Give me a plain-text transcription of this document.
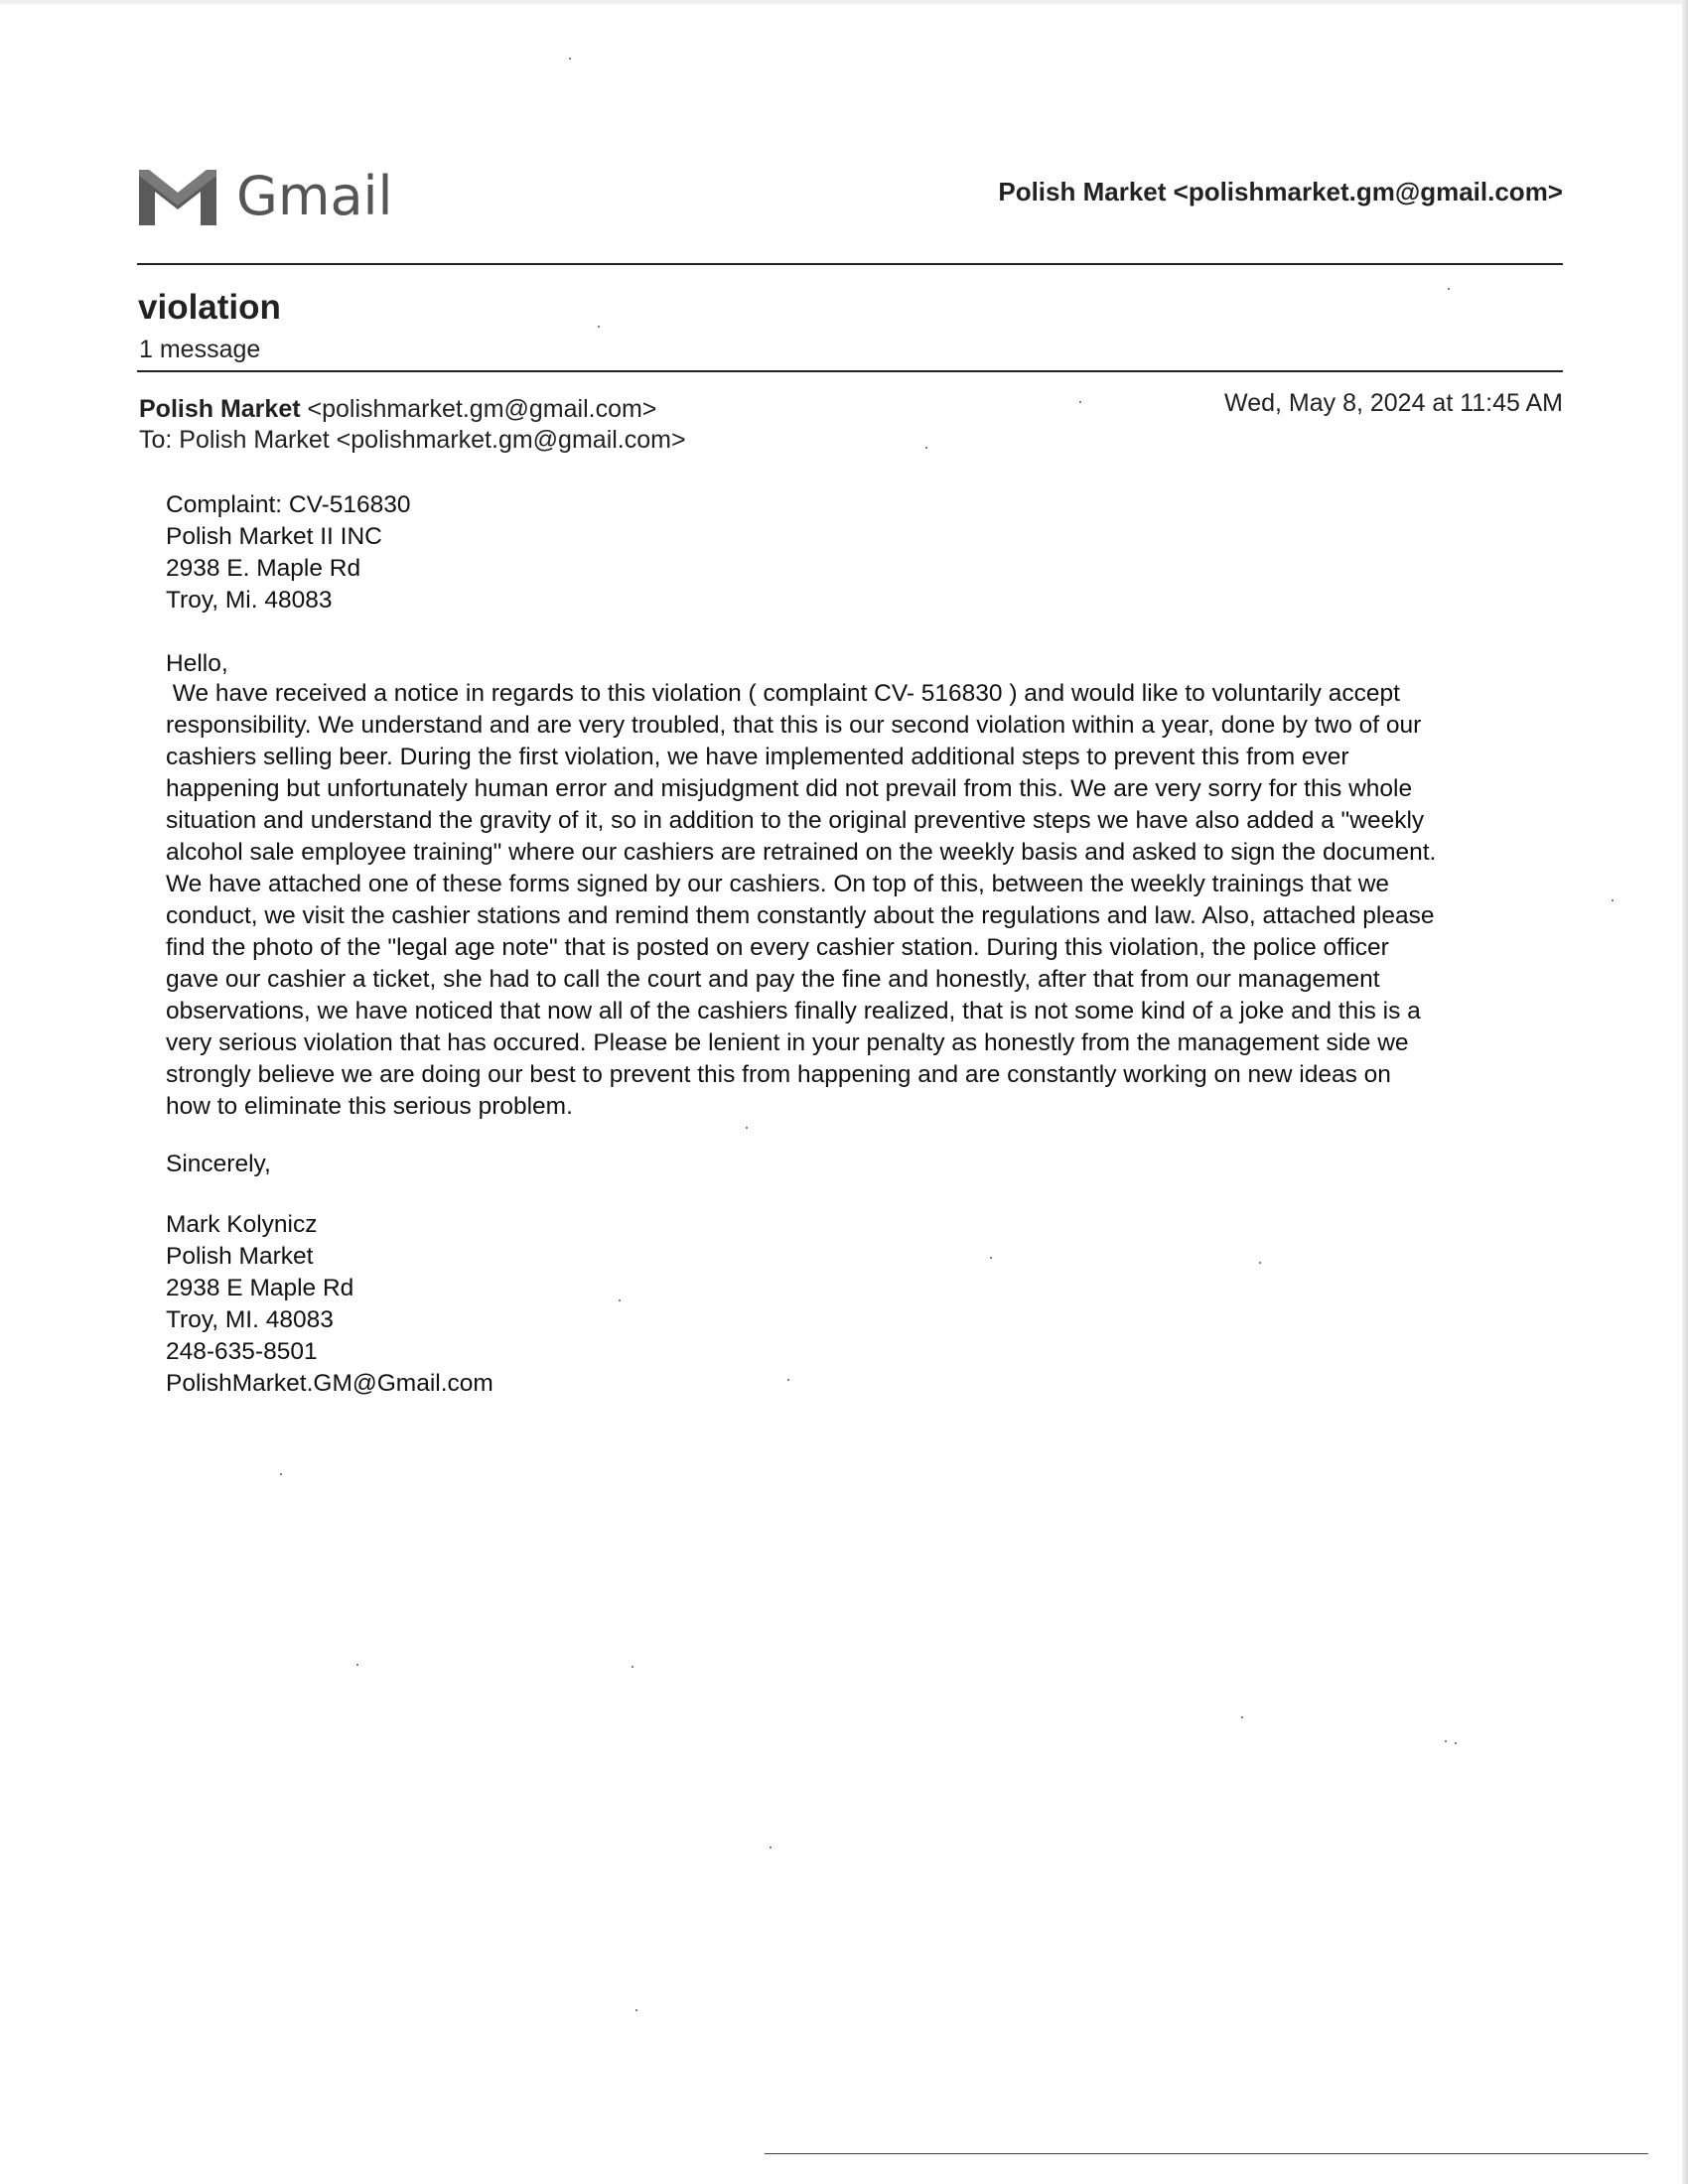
Gmail	Polish Market <polishmarket.gm@gmail.com>
violation
1 message
Polish Market <polishmarket.gm@gmail.com>
To: Polish Market <polishmarket.gm@gmail.com>
Wed, May 8, 2024 at 11:45 AM
Complaint: CV-516830
Polish Market II INC
2938 E. Maple Rd
Troy, Mi. 48083
Hello,
We have received a notice in regards to this violation ( complaint CV- 516830 ) and would like to voluntarily accept
responsibility. We understand and are very troubled, that this is our second violation within a year, done by two of our
cashiers selling beer. During the first violation, we have implemented additional steps to prevent this from ever
happening but unfortunately human error and misjudgment did not prevail from this. We are very sorry for this whole
situation and understand the gravity of it, so in addition to the original preventive steps we have also added a "weekly
alcohol sale employee training" where our cashiers are retrained on the weekly basis and asked to sign the document.
We have attached one of these forms signed by our cashiers. On top of this, between the weekly trainings that we
conduct, we visit the cashier stations and remind them constantly about the regulations and law. Also, attached please
find the photo of the "legal age note" that is posted on every cashier station. During this violation, the police officer
gave our cashier a ticket, she had to call the court and pay the fine and honestly, after that from our management
observations, we have noticed that now all of the cashiers finally realized, that is not some kind of a joke and this is a
very serious violation that has occured. Please be lenient in your penalty as honestly from the management side we
strongly believe we are doing our best to prevent this from happening and are constantly working on new ideas on
how to eliminate this serious problem.
Sincerely,
Mark Kolynicz
Polish Market
2938 E Maple Rd
Troy, MI. 48083
248-635-8501
PolishMarket.GM@Gmail.com
